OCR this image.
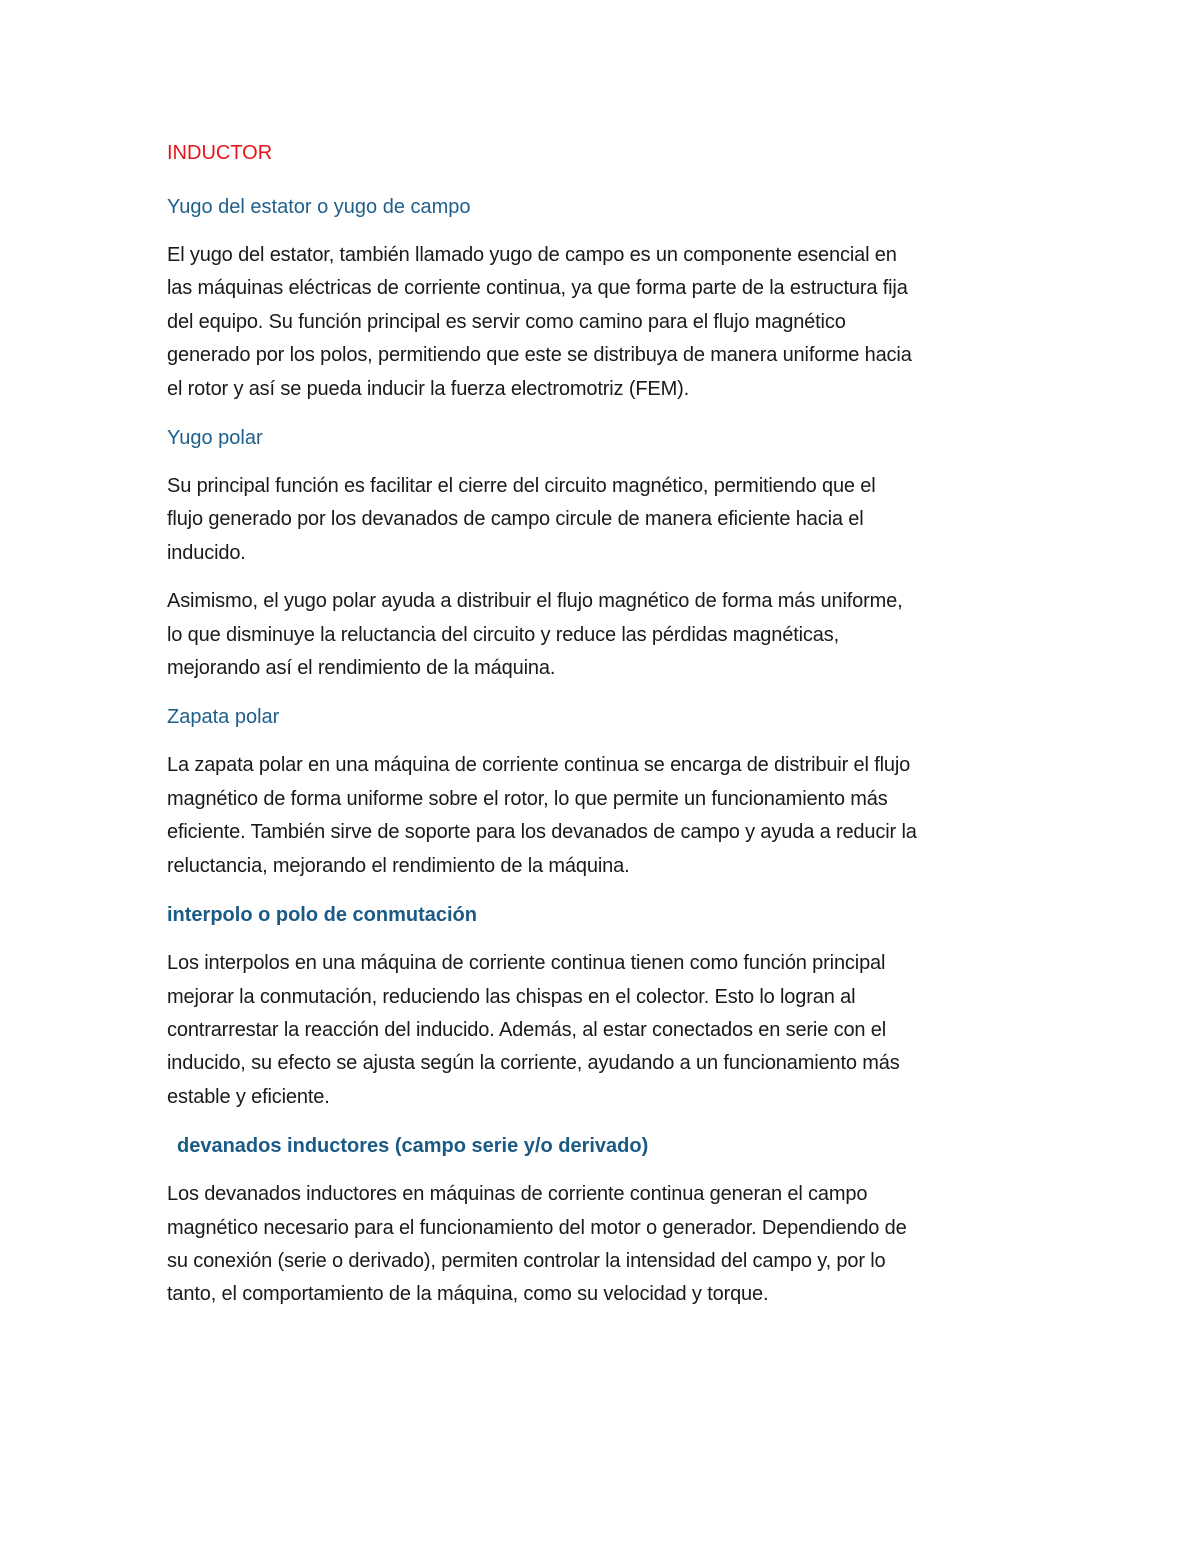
INDUCTOR
Yugo del estator o yugo de campo
El yugo del estator, también llamado yugo de campo es un componente esencial en
las máquinas eléctricas de corriente continua, ya que forma parte de la estructura fija
del equipo. Su función principal es servir como camino para el flujo magnético
generado por los polos, permitiendo que este se distribuya de manera uniforme hacia
el rotor y así se pueda inducir la fuerza electromotriz (FEM).
Yugo polar
Su principal función es facilitar el cierre del circuito magnético, permitiendo que el
flujo generado por los devanados de campo circule de manera eficiente hacia el
inducido.
Asimismo, el yugo polar ayuda a distribuir el flujo magnético de forma más uniforme,
lo que disminuye la reluctancia del circuito y reduce las pérdidas magnéticas,
mejorando así el rendimiento de la máquina.
Zapata polar
La zapata polar en una máquina de corriente continua se encarga de distribuir el flujo
magnético de forma uniforme sobre el rotor, lo que permite un funcionamiento más
eficiente. También sirve de soporte para los devanados de campo y ayuda a reducir la
reluctancia, mejorando el rendimiento de la máquina.
interpolo o polo de conmutación
Los interpolos en una máquina de corriente continua tienen como función principal
mejorar la conmutación, reduciendo las chispas en el colector. Esto lo logran al
contrarrestar la reacción del inducido. Además, al estar conectados en serie con el
inducido, su efecto se ajusta según la corriente, ayudando a un funcionamiento más
estable y eficiente.
devanados inductores (campo serie y/o derivado)
Los devanados inductores en máquinas de corriente continua generan el campo
magnético necesario para el funcionamiento del motor o generador. Dependiendo de
su conexión (serie o derivado), permiten controlar la intensidad del campo y, por lo
tanto, el comportamiento de la máquina, como su velocidad y torque.
